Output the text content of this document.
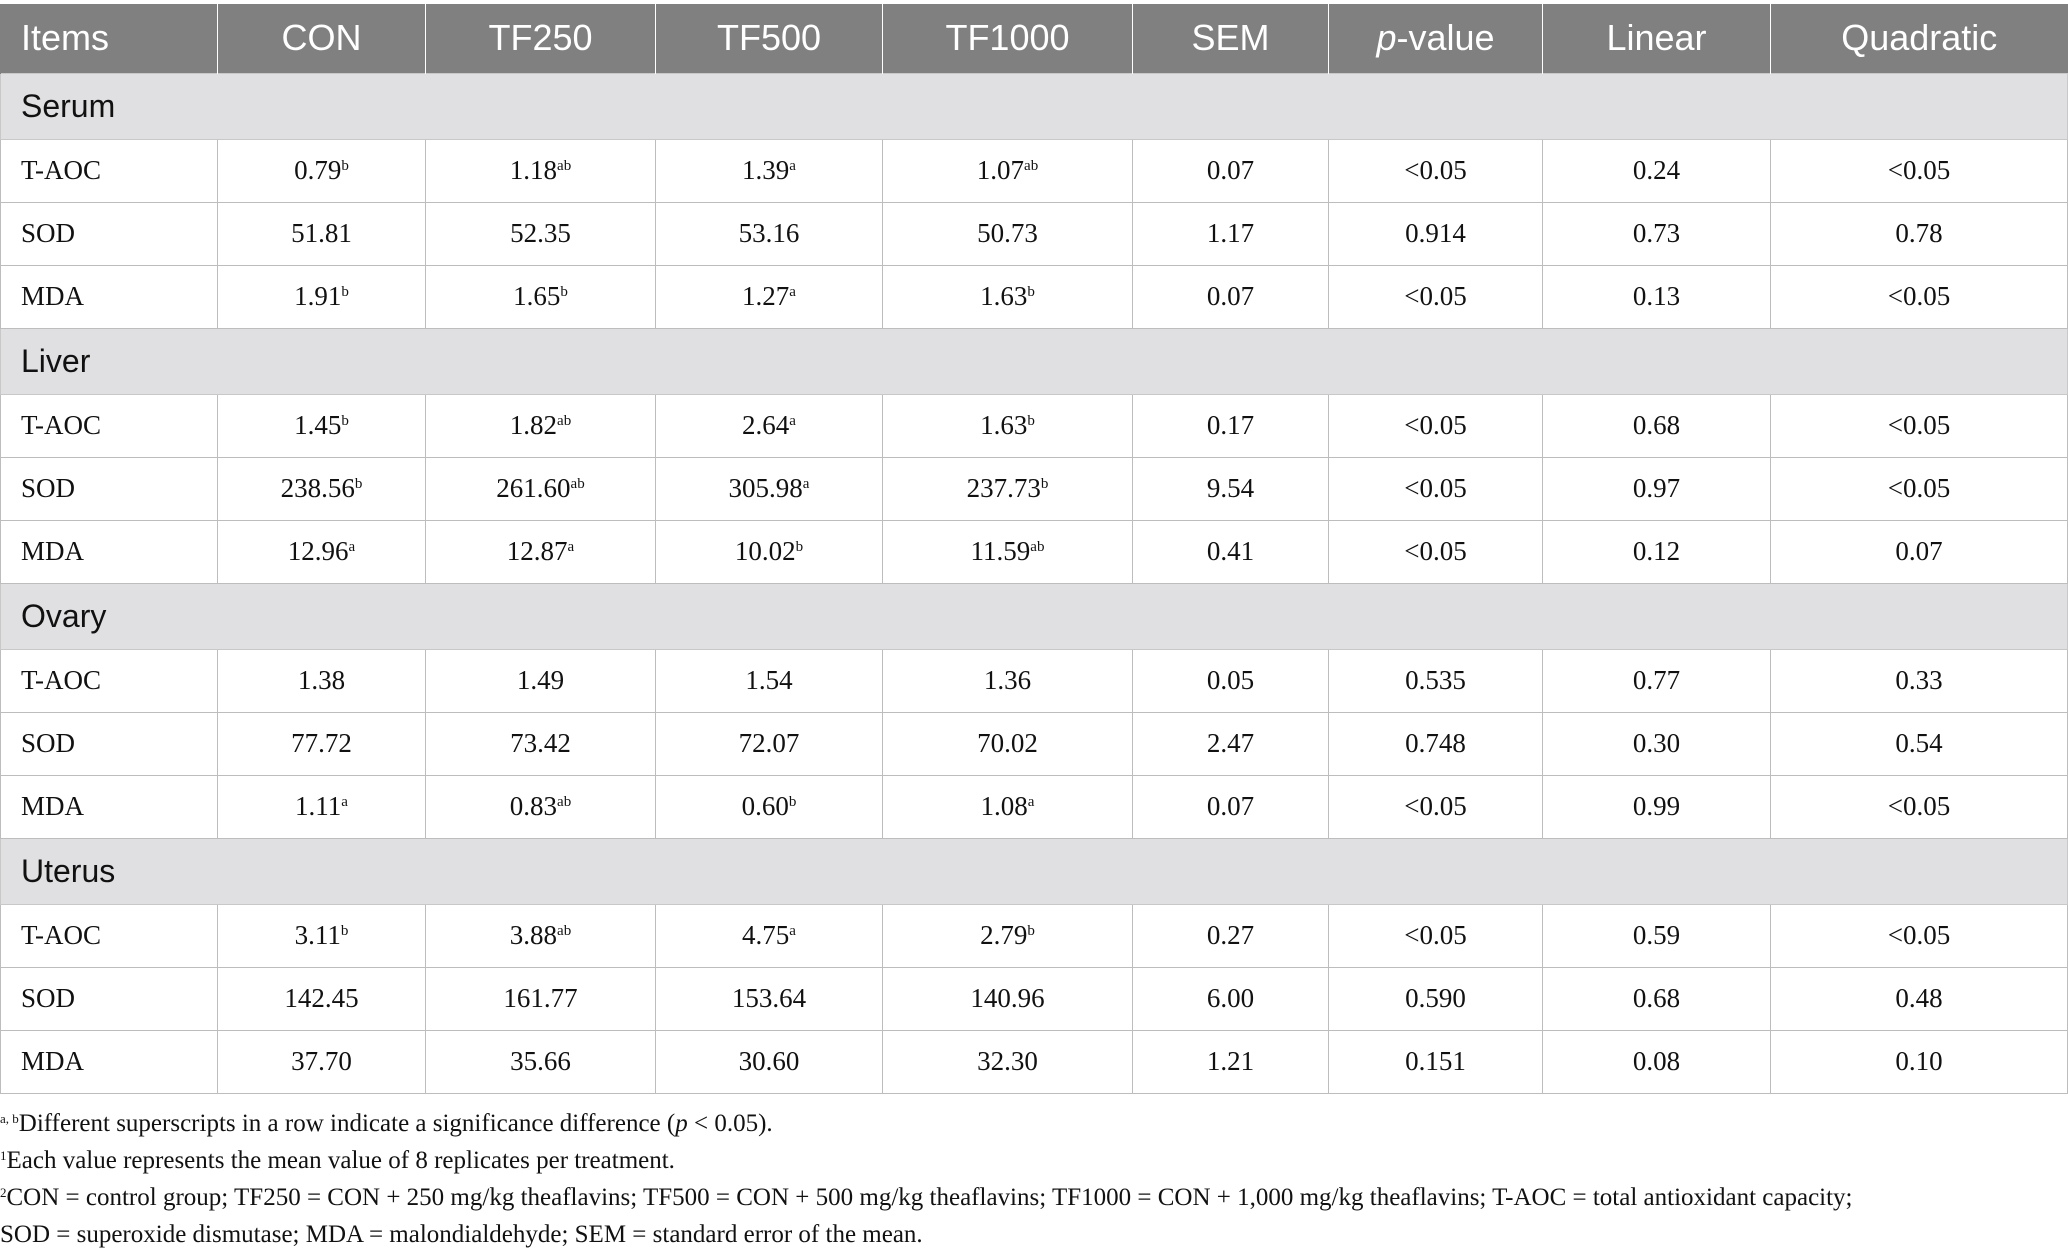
Items	CON	TF250	TF500	TF1000	SEM	p-value	Linear	Quadratic
Serum								
T-AOC	0.79$^b$	1.18$^{ab}$	1.39$^a$	1.07$^{ab}$	0.07	<0.05	0.24	<0.05
SOD	51.81	52.35	53.16	50.73	1.17	0.914	0.73	0.78
MDA	1.91$^b$	1.65$^b$	1.27$^a$	1.63$^b$	0.07	<0.05	0.13	<0.05
Liver								
T-AOC	1.45$^b$	1.82$^{ab}$	2.64$^a$	1.63$^b$	0.17	<0.05	0.68	<0.05
SOD	238.56$^b$	261.60$^{ab}$	305.98$^a$	237.73$^b$	9.54	<0.05	0.97	<0.05
MDA	12.96$^a$	12.87$^a$	10.02$^b$	11.59$^{ab}$	0.41	<0.05	0.12	0.07
Ovary								
T-AOC	1.38	1.49	1.54	1.36	0.05	0.535	0.77	0.33
SOD	77.72	73.42	72.07	70.02	2.47	0.748	0.30	0.54
MDA	1.11$^a$	0.83$^{ab}$	0.60$^b$	1.08$^a$	0.07	<0.05	0.99	<0.05
Uterus								
T-AOC	3.11$^b$	3.88$^{ab}$	4.75$^a$	2.79$^b$	0.27	<0.05	0.59	<0.05
SOD	142.45	161.77	153.64	140.96	6.00	0.590	0.68	0.48
MDA	37.70	35.66	30.60	32.30	1.21	0.151	0.08	0.10

$^{a, b}$Different superscripts in a row indicate a significance difference (p < 0.05).

$^1$Each value represents the mean value of 8 replicates per treatment.

$^2$CON = control group; TF250 = CON + 250 mg/kg theaflavins; TF500 = CON + 500 mg/kg theaflavins; TF1000 = CON + 1,000 mg/kg theaflavins; T-AOC = total antioxidant capacity;

SOD = superoxide dismutase; MDA = malondialdehyde; SEM = standard error of the mean.
